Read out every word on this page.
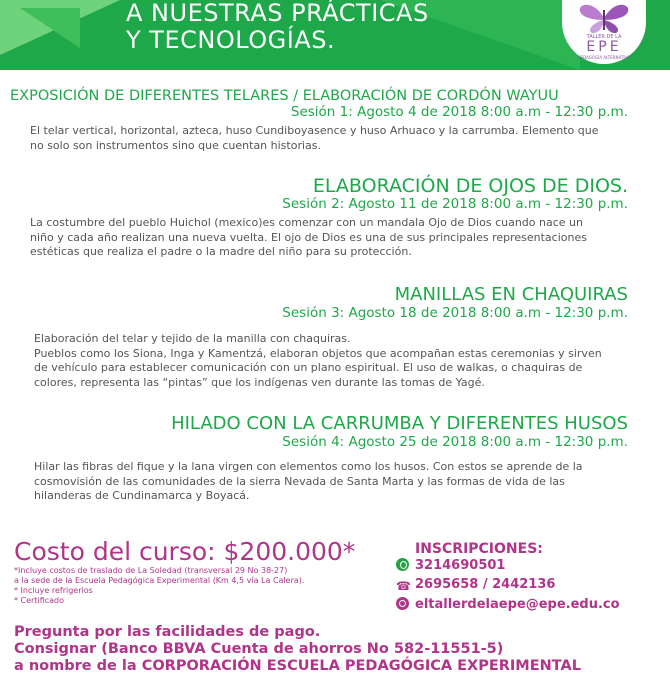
A NUESTRAS PRÁCTICAS
Y TECNOLOGÍAS.	TALLER DE LA
EPE
PEDAGOGÍA ALTERNATIVA
EXPOSICIÓN DE DIFERENTES TELARES / ELABORACIÓN DE CORDÓN WAYUU
Sesión 1: Agosto 4 de 2018 8:00 a.m - 12:30 p.m.

El telar vertical, horizontal, azteca, huso Cundiboyasence y huso Arhuaco y la carrumba. Elemento que

no solo son instrumentos sino que cuentan historias.

ELABORACIÓN DE OJOS DE DIOS.
Sesión 2: Agosto 11 de 2018 8:00 a.m - 12:30 p.m.

La costumbre del pueblo Huichol (mexico)es comenzar con un mandala Ojo de Dios cuando nace un

niño y cada año realizan una nueva vuelta. El ojo de Dios es una de sus principales representaciones

estéticas que realiza el padre o la madre del niño para su protección.

MANILLAS EN CHAQUIRAS
Sesión 3: Agosto 18 de 2018 8:00 a.m - 12:30 p.m.

Elaboración del telar y tejido de la manilla con chaquiras.

Pueblos como los Siona, Inga y Kamentzá, elaboran objetos que acompañan estas ceremonias y sirven

de vehículo para establecer comunicación con un plano espiritual. El uso de walkas, o chaquiras de

colores, representa las “pintas” que los indígenas ven durante las tomas de Yagé.

HILADO CON LA CARRUMBA Y DIFERENTES HUSOS
Sesión 4: Agosto 25 de 2018 8:00 a.m - 12:30 p.m.

Hilar las fibras del fique y la lana virgen con elementos como los husos. Con estos se aprende de la

cosmovisión de las comunidades de la sierra Nevada de Santa Marta y las formas de vida de las

hilanderas de Cundinamarca y Boyacá.

Costo del curso: $200.000*
*Incluye costos de traslado de La Soledad (transversal 29 No 38-27)
a la sede de la Escuela Pedagógica Experimental (Km 4,5 vía La Calera).
* Incluye refrigerios
* Certificado
INSCRIPCIONES:
3214690501
☎ 2695658 / 2442136
eltallerdelaepe@epe.edu.co
Pregunta por las facilidades de pago.
Consignar (Banco BBVA Cuenta de ahorros No 582-11551-5)
a nombre de la CORPORACIÓN ESCUELA PEDAGÓGICA EXPERIMENTAL
